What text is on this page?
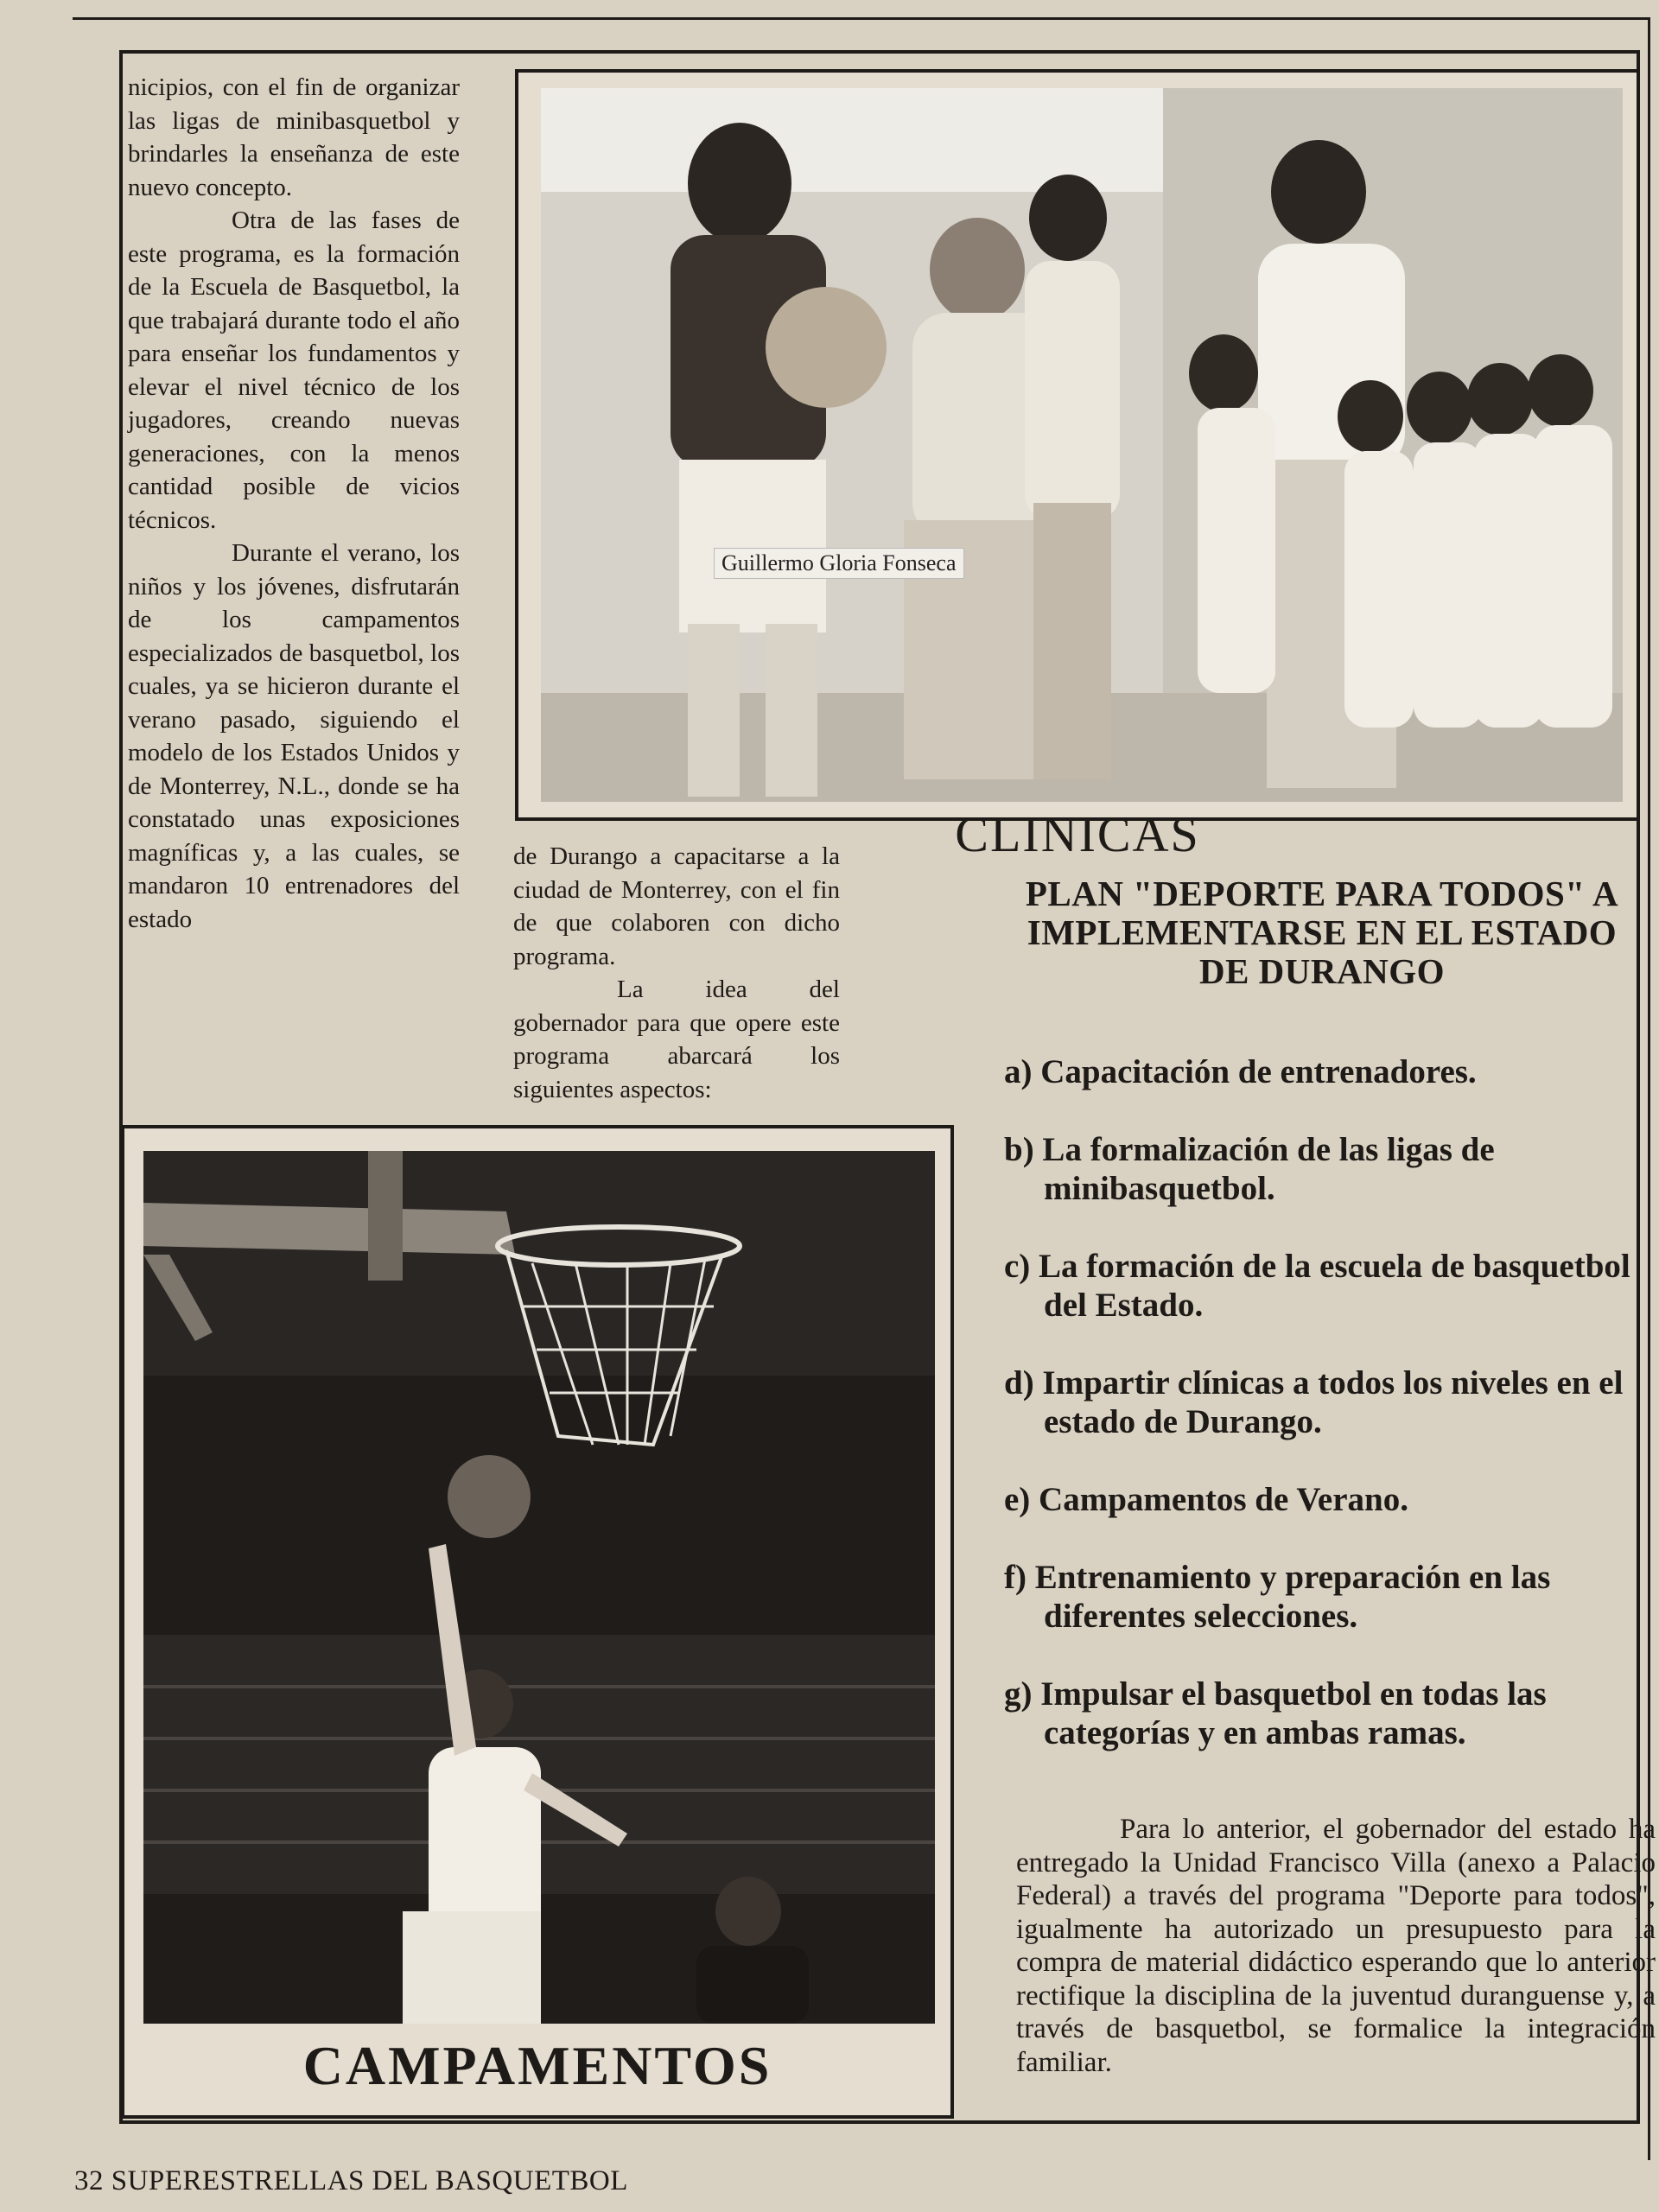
nicipios, con el fin de organizar las ligas de minibasquetbol y brindarles la enseñanza de este nuevo concepto.

Otra de las fases de este programa, es la formación de la Escuela de Basquetbol, la que trabajará durante todo el año para enseñar los fundamentos y elevar el nivel técnico de los jugadores, creando nuevas generaciones, con la menos cantidad posible de vicios técnicos.

Durante el verano, los niños y los jóvenes, disfrutarán de los campamentos especializados de basquetbol, los cuales, ya se hicieron durante el verano pasado, siguiendo el modelo de los Estados Unidos y de Monterrey, N.L., donde se ha constatado unas exposiciones magníficas y, a las cuales, se mandaron 10 entrenadores del estado

Guillermo Gloria Fonseca
CLINICAS

de Durango a capacitarse a la ciudad de Monterrey, con el fin de que colaboren con dicho programa.

La idea del gobernador para que opere este programa abarcará los siguientes aspectos:

CAMPAMENTOS
PLAN "DEPORTE PARA TODOS" A IMPLEMENTARSE EN EL ESTADO DE DURANGO
a) Capacitación de entrenadores.
b) La formalización de las ligas de minibasquetbol.
c) La formación de la escuela de basquetbol del Estado.
d) Impartir clínicas a todos los niveles en el estado de Durango.
e) Campamentos de Verano.
f) Entrenamiento y preparación en las diferentes selecciones.
g) Impulsar el basquetbol en todas las categorías y en ambas ramas.

Para lo anterior, el gobernador del estado ha entregado la Unidad Francisco Villa (anexo a Palacio Federal) a través del programa "Deporte para todos", igualmente ha autorizado un presupuesto para la compra de material didáctico esperando que lo anterior rectifique la disciplina de la juventud duranguense y, a través de basquetbol, se formalice la integración familiar.

32 SUPERESTRELLAS DEL BASQUETBOL
